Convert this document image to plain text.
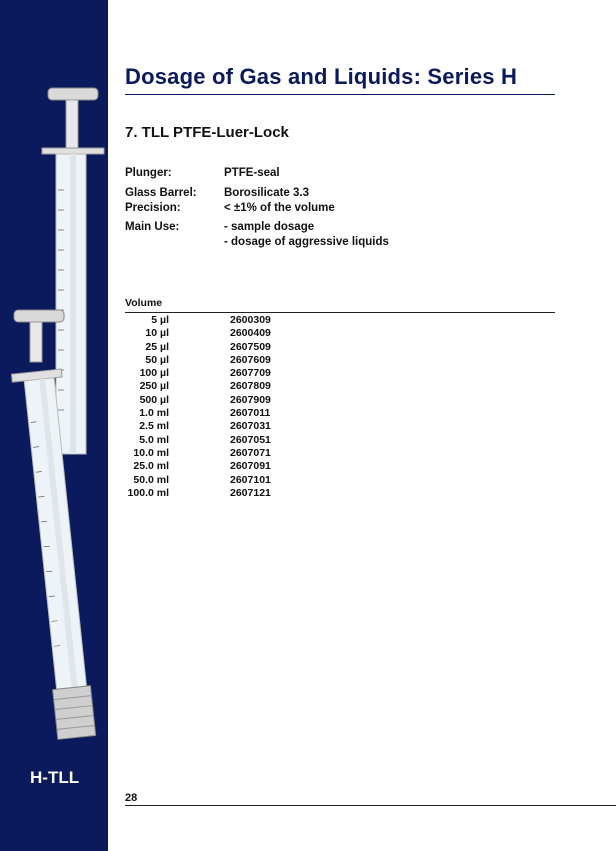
H-TLL
Dosage of Gas and Liquids: Series H
7. TLL PTFE-Luer-Lock
Plunger:	PTFE-seal
Glass Barrel: Borosilicate 3.3
Precision:	< ±1% of the volume
Main Use:	- sample dosage
- dosage of aggressive liquids
Volume
5 µl	2600309
10 µl	2600409
25 µl	2607509
50 µl	2607609
100 µl	2607709
250 µl	2607809
500 µl	2607909
1.0 ml	2607011
2.5 ml	2607031
5.0 ml	2607051
10.0 ml	2607071
25.0 ml	2607091
50.0 ml	2607101
100.0 ml	2607121
28
